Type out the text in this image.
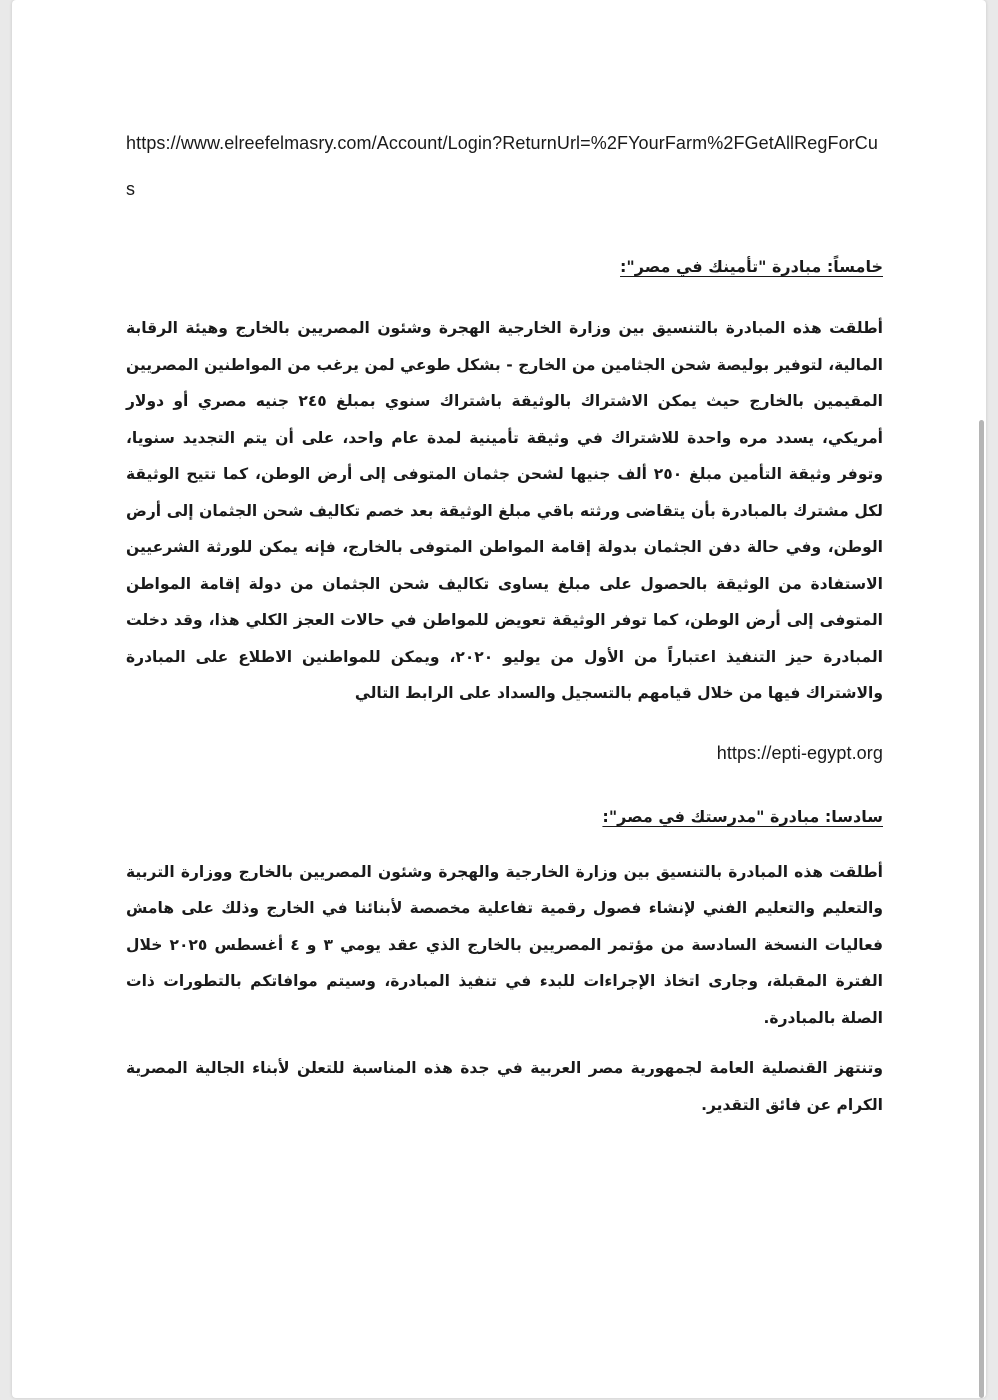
https://www.elreefelmasry.com/Account/Login?ReturnUrl=%2FYourFarm%2FGetAllRegForCus

خامساً: مبادرة "تأمينك في مصر":

أطلقت هذه المبادرة بالتنسيق بين وزارة الخارجية الهجرة وشئون المصريين بالخارج وهيئة الرقابة المالية، لتوفير بوليصة شحن الجثامين من الخارج - بشكل طوعي لمن يرغب من المواطنين المصريين المقيمين بالخارج حيث يمكن الاشتراك بالوثيقة باشتراك سنوي بمبلغ ٢٤٥ جنيه مصري أو دولار أمريكي، يسدد مره واحدة للاشتراك في وثيقة تأمينية لمدة عام واحد، على أن يتم التجديد سنويا، وتوفر وثيقة التأمين مبلغ ٢٥٠ ألف جنيها لشحن جثمان المتوفى إلى أرض الوطن، كما تتيح الوثيقة لكل مشترك بالمبادرة بأن يتقاضى ورثته باقي مبلغ الوثيقة بعد خصم تكاليف شحن الجثمان إلى أرض الوطن، وفي حالة دفن الجثمان بدولة إقامة المواطن المتوفى بالخارج، فإنه يمكن للورثة الشرعيين الاستفادة من الوثيقة بالحصول على مبلغ يساوى تكاليف شحن الجثمان من دولة إقامة المواطن المتوفى إلى أرض الوطن، كما توفر الوثيقة تعويض للمواطن في حالات العجز الكلي هذا، وقد دخلت المبادرة حيز التنفيذ اعتباراً من الأول من يوليو ٢٠٢٠، ويمكن للمواطنين الاطلاع على المبادرة والاشتراك فيها من خلال قيامهم بالتسجيل والسداد على الرابط التالي

https://epti-egypt.org

سادسا: مبادرة "مدرستك في مصر":

أطلقت هذه المبادرة بالتنسيق بين وزارة الخارجية والهجرة وشئون المصريين بالخارج ووزارة التربية والتعليم والتعليم الفني لإنشاء فصول رقمية تفاعلية مخصصة لأبنائنا في الخارج وذلك على هامش فعاليات النسخة السادسة من مؤتمر المصريين بالخارج الذي عقد يومي ٣ و ٤ أغسطس ٢٠٢٥ خلال الفترة المقبلة، وجارى اتخاذ الإجراءات للبدء في تنفيذ المبادرة، وسيتم موافاتكم بالتطورات ذات الصلة بالمبادرة.

وتنتهز القنصلية العامة لجمهورية مصر العربية في جدة هذه المناسبة للتعلن لأبناء الجالية المصرية الكرام عن فائق التقدير.
